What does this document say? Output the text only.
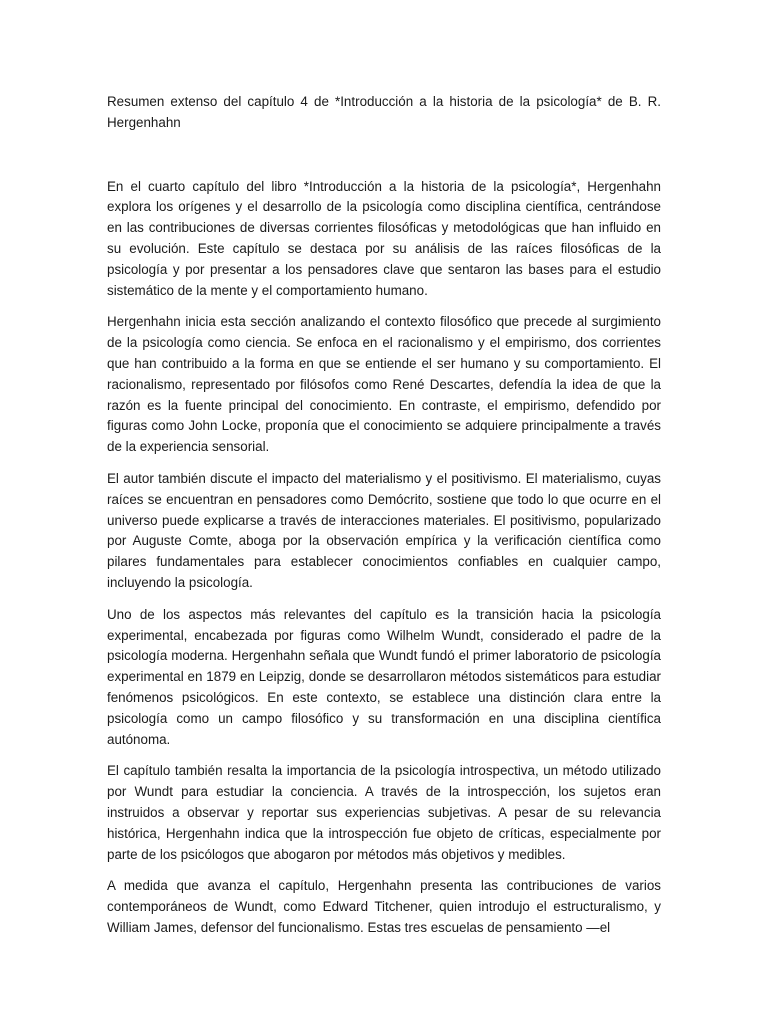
Resumen extenso del capítulo 4 de *Introducción a la historia de la psicología* de B. R. Hergenhahn

En el cuarto capítulo del libro *Introducción a la historia de la psicología*, Hergenhahn explora los orígenes y el desarrollo de la psicología como disciplina científica, centrándose en las contribuciones de diversas corrientes filosóficas y metodológicas que han influido en su evolución. Este capítulo se destaca por su análisis de las raíces filosóficas de la psicología y por presentar a los pensadores clave que sentaron las bases para el estudio sistemático de la mente y el comportamiento humano.

Hergenhahn inicia esta sección analizando el contexto filosófico que precede al surgimiento de la psicología como ciencia. Se enfoca en el racionalismo y el empirismo, dos corrientes que han contribuido a la forma en que se entiende el ser humano y su comportamiento. El racionalismo, representado por filósofos como René Descartes, defendía la idea de que la razón es la fuente principal del conocimiento. En contraste, el empirismo, defendido por figuras como John Locke, proponía que el conocimiento se adquiere principalmente a través de la experiencia sensorial.

El autor también discute el impacto del materialismo y el positivismo. El materialismo, cuyas raíces se encuentran en pensadores como Demócrito, sostiene que todo lo que ocurre en el universo puede explicarse a través de interacciones materiales. El positivismo, popularizado por Auguste Comte, aboga por la observación empírica y la verificación científica como pilares fundamentales para establecer conocimientos confiables en cualquier campo, incluyendo la psicología.

Uno de los aspectos más relevantes del capítulo es la transición hacia la psicología experimental, encabezada por figuras como Wilhelm Wundt, considerado el padre de la psicología moderna. Hergenhahn señala que Wundt fundó el primer laboratorio de psicología experimental en 1879 en Leipzig, donde se desarrollaron métodos sistemáticos para estudiar fenómenos psicológicos. En este contexto, se establece una distinción clara entre la psicología como un campo filosófico y su transformación en una disciplina científica autónoma.

El capítulo también resalta la importancia de la psicología introspectiva, un método utilizado por Wundt para estudiar la conciencia. A través de la introspección, los sujetos eran instruidos a observar y reportar sus experiencias subjetivas. A pesar de su relevancia histórica, Hergenhahn indica que la introspección fue objeto de críticas, especialmente por parte de los psicólogos que abogaron por métodos más objetivos y medibles.

A medida que avanza el capítulo, Hergenhahn presenta las contribuciones de varios contemporáneos de Wundt, como Edward Titchener, quien introdujo el estructuralismo, y William James, defensor del funcionalismo. Estas tres escuelas de pensamiento —el
